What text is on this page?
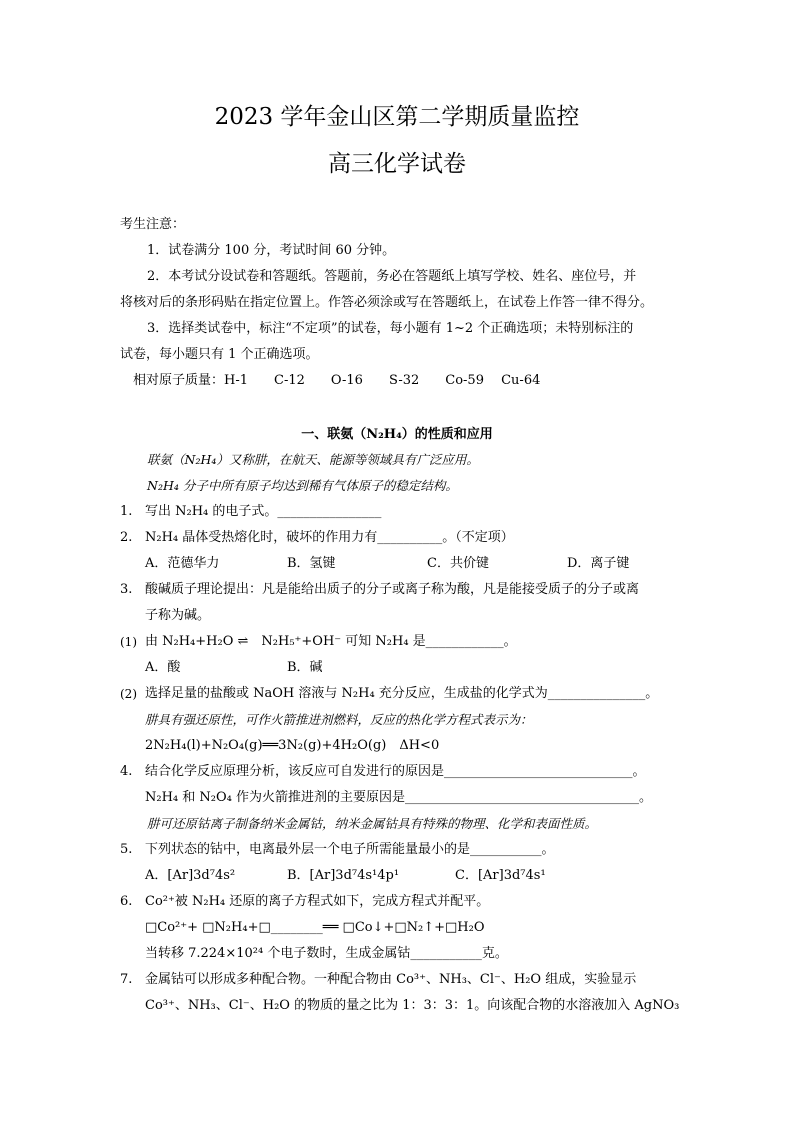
2023 学年金山区第二学期质量监控
高三化学试卷
考生注意：
1．试卷满分 100 分，考试时间 60 分钟。
2．本考试分设试卷和答题纸。答题前，务必在答题纸上填写学校、姓名、座位号，并
将核对后的条形码贴在指定位置上。作答必须涂或写在答题纸上，在试卷上作答一律不得分。
3．选择类试卷中，标注“不定项”的试卷，每小题有 1~2 个正确选项；未特别标注的
试卷，每小题只有 1 个正确选项。
相对原子质量：H-1　　C-12　　O-16　　S-32　　Co-59　 Cu-64
一、联氨（N₂H₄）的性质和应用
联氨（N₂H₄）又称肼，在航天、能源等领域具有广泛应用。
N₂H₄ 分子中所有原子均达到稀有气体原子的稳定结构。
1. 写出 N₂H₄ 的电子式。________________
2. N₂H₄ 晶体受热熔化时，破坏的作用力有__________。（不定项）
A．范德华力	B．氢键	C．共价键	D．离子键
3. 酸碱质子理论提出：凡是能给出质子的分子或离子称为酸，凡是能接受质子的分子或离
子称为碱。
(1) 由 N₂H₄+H₂O ⇌　N₂H₅⁺+OH⁻ 可知 N₂H₄ 是____________。
A．酸	B．碱
(2) 选择足量的盐酸或 NaOH 溶液与 N₂H₄ 充分反应，生成盐的化学式为_______________。
肼具有强还原性，可作火箭推进剂燃料，反应的热化学方程式表示为：
2N₂H₄(l)+N₂O₄(g)══3N₂(g)+4H₂O(g)　ΔH<0
4. 结合化学反应原理分析，该反应可自发进行的原因是_____________________________。
N₂H₄ 和 N₂O₄ 作为火箭推进剂的主要原因是____________________________________。
肼可还原钴离子制备纳米金属钴，纳米金属钴具有特殊的物理、化学和表面性质。
5. 下列状态的钴中，电离最外层一个电子所需能量最小的是___________。
A．[Ar]3d⁷4s²	B．[Ar]3d⁷4s¹4p¹	C．[Ar]3d⁷4s¹
6. Co²⁺被 N₂H₄ 还原的离子方程式如下，完成方程式并配平。
□Co²⁺+ □N₂H₄+□________══ □Co↓+□N₂↑+□H₂O
当转移 7.224×10²⁴ 个电子数时，生成金属钴___________克。
7. 金属钴可以形成多种配合物。一种配合物由 Co³⁺、NH₃、Cl⁻、H₂O 组成，实验显示
Co³⁺、NH₃、Cl⁻、H₂O 的物质的量之比为 1：3：3：1。向该配合物的水溶液加入 AgNO₃
